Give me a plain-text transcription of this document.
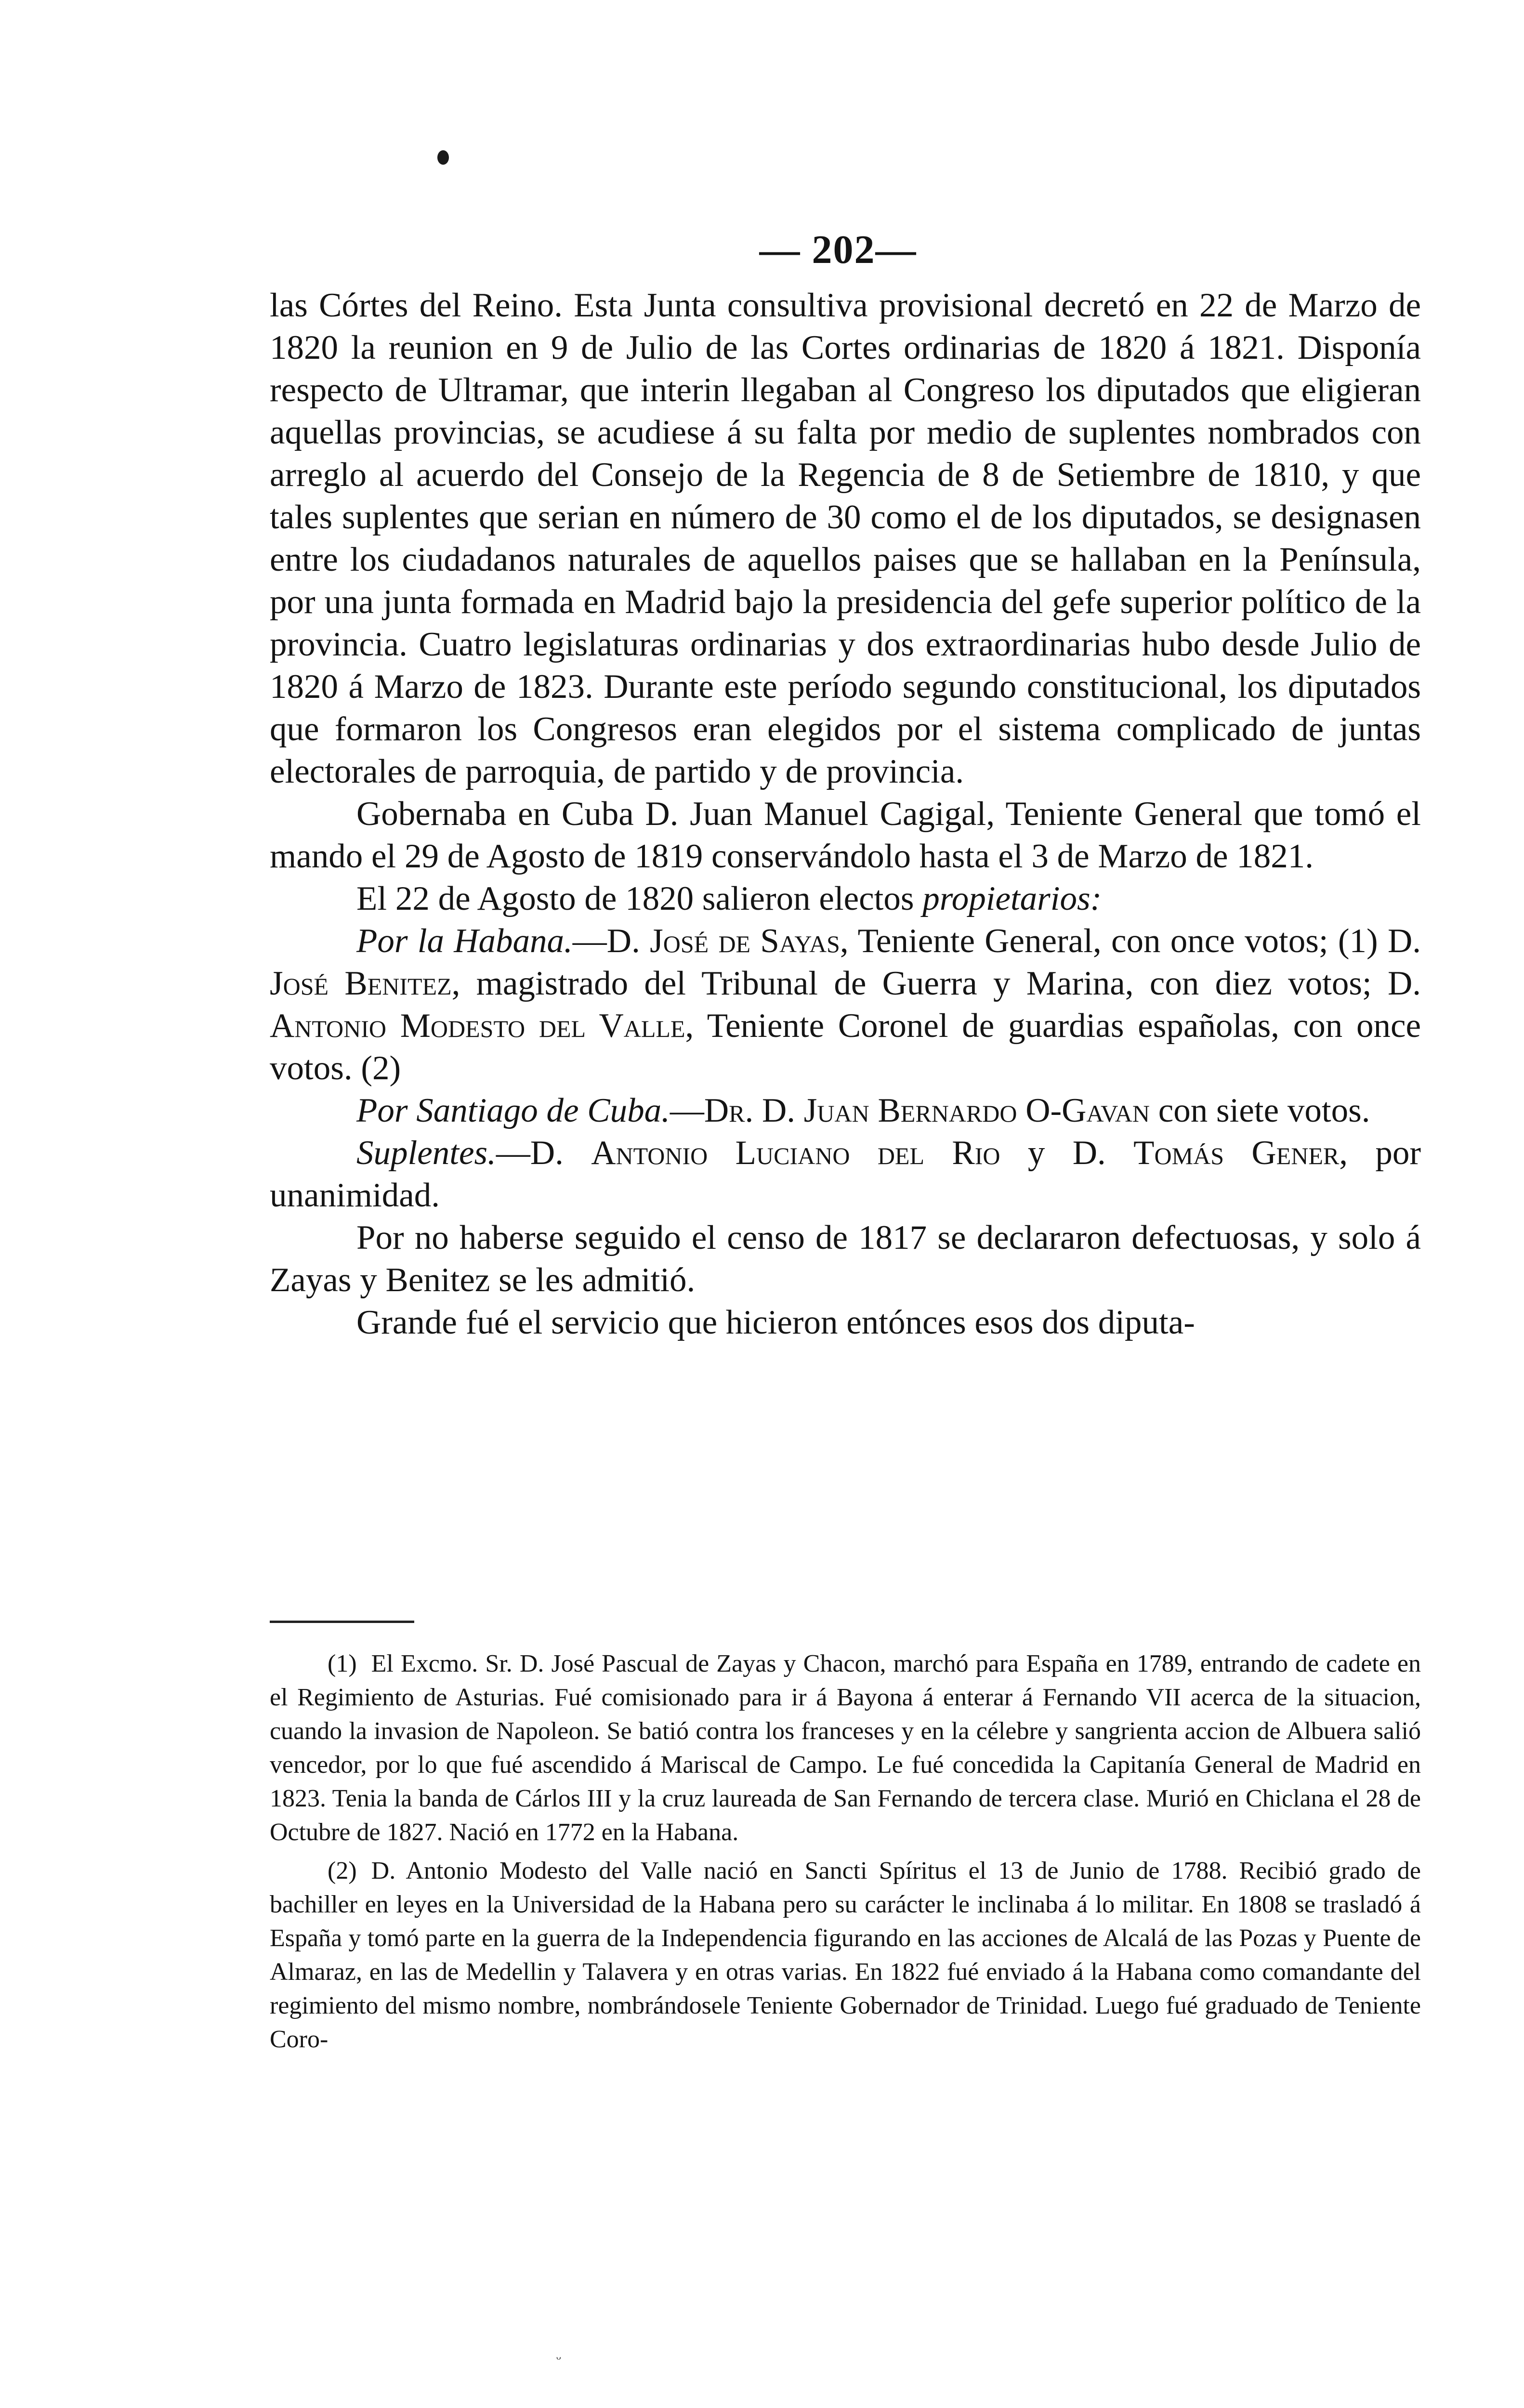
— 202—

las Córtes del Reino. Esta Junta consultiva provisional decretó en 22 de Marzo de 1820 la reunion en 9 de Julio de las Cortes ordinarias de 1820 á 1821. Disponía respecto de Ultramar, que interin llegaban al Congreso los diputados que eligieran aquellas provincias, se acudiese á su falta por medio de suplentes nombrados con arreglo al acuerdo del Consejo de la Regencia de 8 de Setiembre de 1810, y que tales suplentes que serian en número de 30 como el de los diputados, se designasen entre los ciudadanos naturales de aquellos paises que se hallaban en la Península, por una junta formada en Madrid bajo la presidencia del gefe superior político de la provincia. Cuatro legislaturas ordinarias y dos extraordinarias hubo desde Julio de 1820 á Marzo de 1823. Durante este período segundo constitucional, los diputados que formaron los Congresos eran elegidos por el sistema complicado de juntas electorales de parroquia, de partido y de provincia.

Gobernaba en Cuba D. Juan Manuel Cagigal, Teniente General que tomó el mando el 29 de Agosto de 1819 conservándolo hasta el 3 de Marzo de 1821.

El 22 de Agosto de 1820 salieron electos propietarios:

Por la Habana.—D. José de Sayas, Teniente General, con once votos; (1) D. José Benitez, magistrado del Tribunal de Guerra y Marina, con diez votos; D. Antonio Modesto del Valle, Teniente Coronel de guardias españolas, con once votos. (2)

Por Santiago de Cuba.—Dr. D. Juan Bernardo O-Gavan con siete votos.

Suplentes.—D. Antonio Luciano del Rio y D. Tomás Gener, por unanimidad.

Por no haberse seguido el censo de 1817 se declararon defectuosas, y solo á Zayas y Benitez se les admitió.

Grande fué el servicio que hicieron entónces esos dos diputa-

(1) El Excmo. Sr. D. José Pascual de Zayas y Chacon, marchó para España en 1789, entrando de cadete en el Regimiento de Asturias. Fué comisionado para ir á Bayona á enterar á Fernando VII acerca de la situacion, cuando la invasion de Napoleon. Se batió contra los franceses y en la célebre y sangrienta accion de Albuera salió vencedor, por lo que fué ascendido á Mariscal de Campo. Le fué concedida la Capitanía General de Madrid en 1823. Tenia la banda de Cárlos III y la cruz laureada de San Fernando de tercera clase. Murió en Chiclana el 28 de Octubre de 1827. Nació en 1772 en la Habana.

(2) D. Antonio Modesto del Valle nació en Sancti Spíritus el 13 de Junio de 1788. Recibió grado de bachiller en leyes en la Universidad de la Habana pero su carácter le inclinaba á lo militar. En 1808 se trasladó á España y tomó parte en la guerra de la Independencia figurando en las acciones de Alcalá de las Pozas y Puente de Almaraz, en las de Medellin y Talavera y en otras varias. En 1822 fué enviado á la Habana como comandante del regimiento del mismo nombre, nombrándosele Teniente Gobernador de Trinidad. Luego fué graduado de Teniente Coro-

ᵕ
